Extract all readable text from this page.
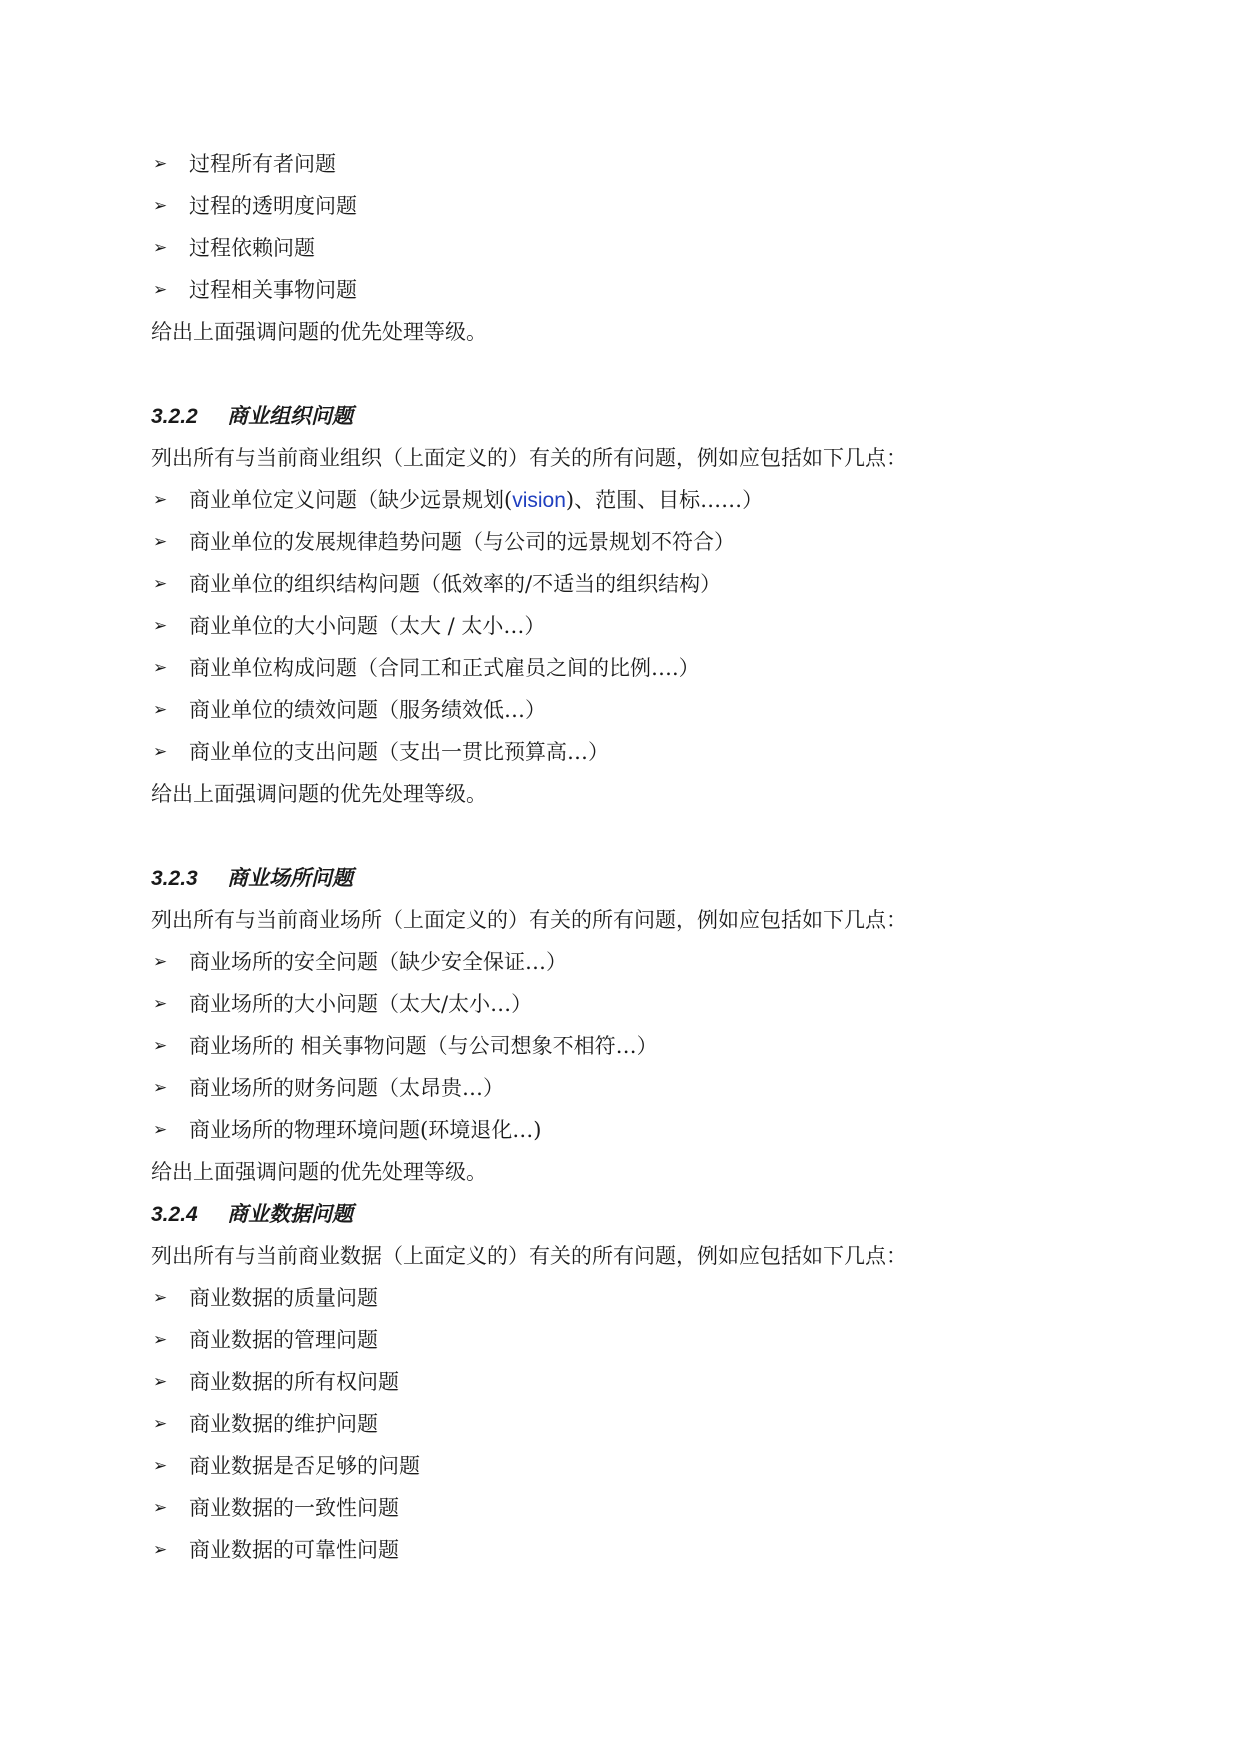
➢ 过程所有者问题
➢ 过程的透明度问题
➢ 过程依赖问题
➢ 过程相关事物问题
给出上面强调问题的优先处理等级。
3.2.2 商业组织问题
列出所有与当前商业组织（上面定义的）有关的所有问题，例如应包括如下几点：
➢ 商业单位定义问题（缺少远景规划(vision)、范围、目标……）
➢ 商业单位的发展规律趋势问题（与公司的远景规划不符合）
➢ 商业单位的组织结构问题（低效率的/不适当的组织结构）
➢ 商业单位的大小问题（太大 / 太小…）
➢ 商业单位构成问题（合同工和正式雇员之间的比例….）
➢ 商业单位的绩效问题（服务绩效低…）
➢ 商业单位的支出问题（支出一贯比预算高…）
给出上面强调问题的优先处理等级。
3.2.3 商业场所问题
列出所有与当前商业场所（上面定义的）有关的所有问题，例如应包括如下几点：
➢ 商业场所的安全问题（缺少安全保证…）
➢ 商业场所的大小问题（太大/太小…）
➢ 商业场所的 相关事物问题（与公司想象不相符…）
➢ 商业场所的财务问题（太昂贵…）
➢ 商业场所的物理环境问题(环境退化…)
给出上面强调问题的优先处理等级。
3.2.4 商业数据问题
列出所有与当前商业数据（上面定义的）有关的所有问题，例如应包括如下几点：
➢ 商业数据的质量问题
➢ 商业数据的管理问题
➢ 商业数据的所有权问题
➢ 商业数据的维护问题
➢ 商业数据是否足够的问题
➢ 商业数据的一致性问题
➢ 商业数据的可靠性问题
